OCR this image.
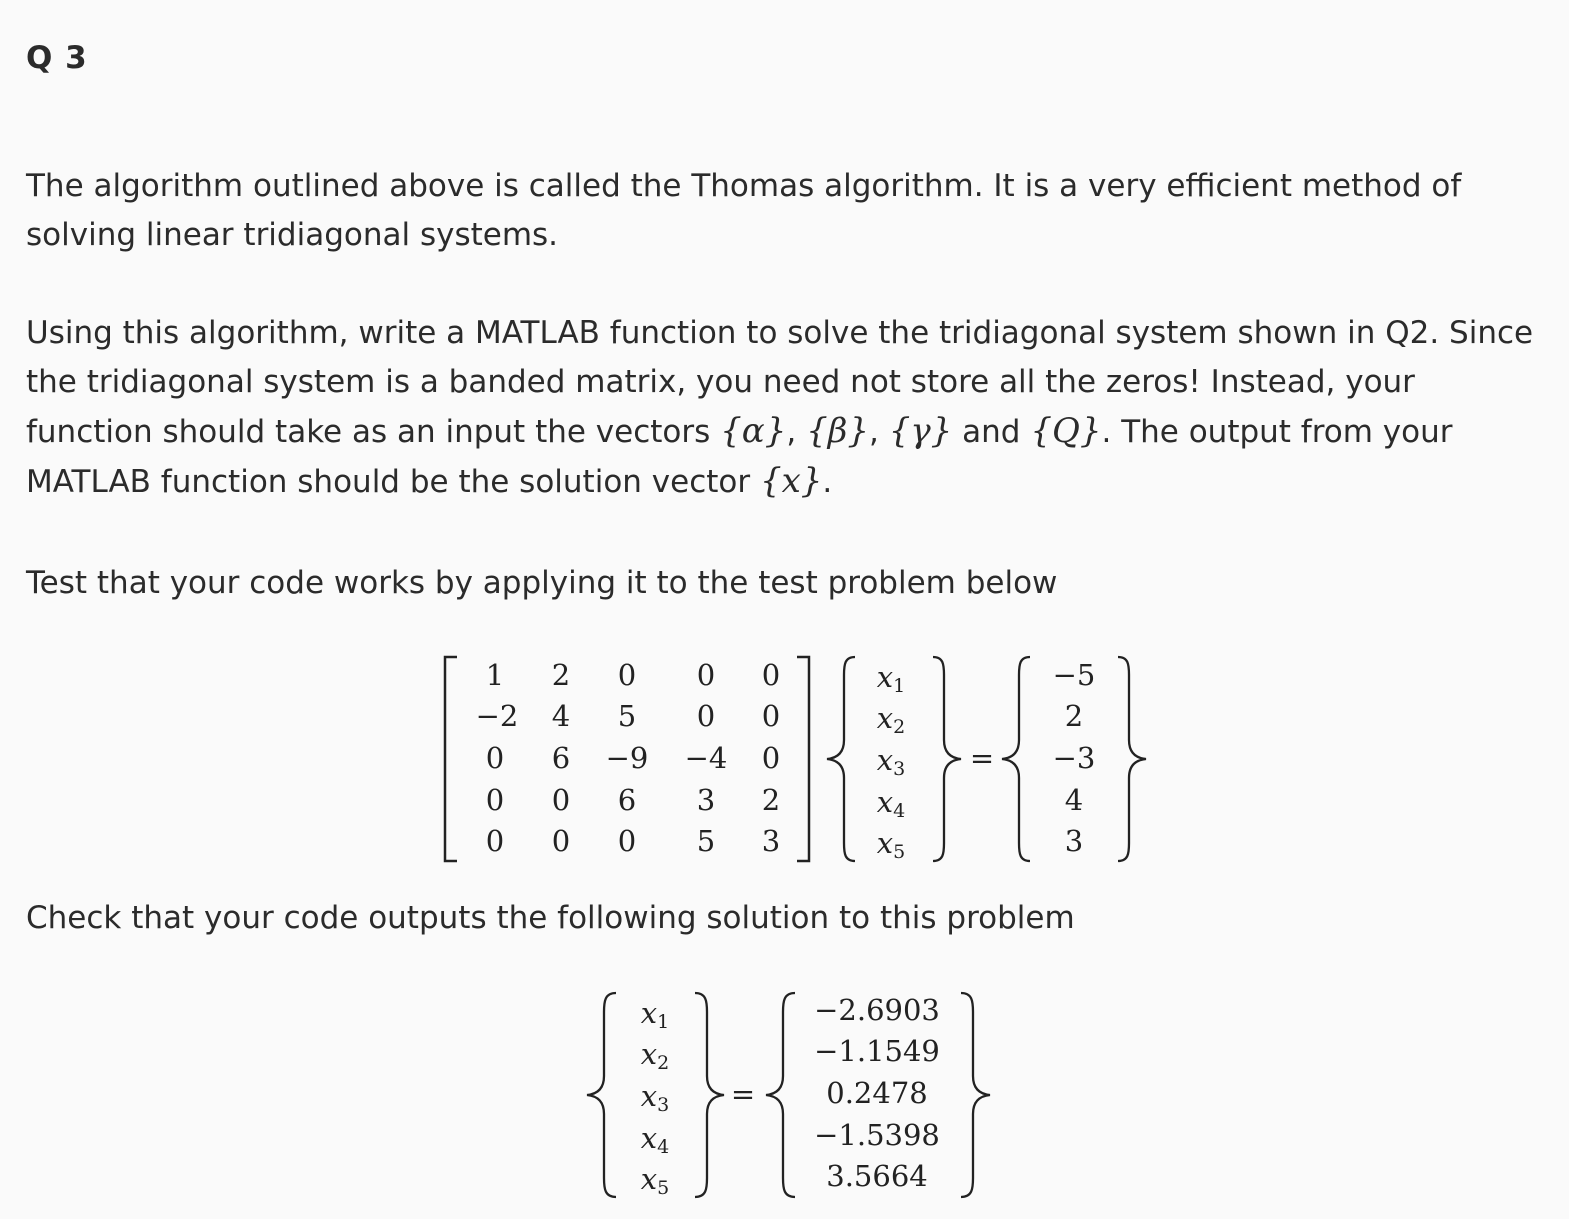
Q 3

The algorithm outlined above is called the Thomas algorithm. It is a very efficient method of
solving linear tridiagonal systems.

Using this algorithm, write a MATLAB function to solve the tridiagonal system shown in Q2. Since the tridiagonal system is a banded matrix, you need not store all the zeros! Instead, your function should take as an input the vectors {α}, {β}, {γ} and {Q}. The output from your MATLAB function should be the solution vector {x}.

Test that your code works by applying it to the test problem below

1 2 0 0 0
−2 4 5 0 0
0 6 −9 −4 0
0 0 6 3 2
0 0 0 5 3
$x_1$
$x_2$
$x_3$
$x_4$
$x_5$
=
−5
2
−3
4
3

Check that your code outputs the following solution to this problem

$x_1$
$x_2$
$x_3$
$x_4$
$x_5$
=
−2.6903
−1.1549
0.2478
−1.5398
3.5664
